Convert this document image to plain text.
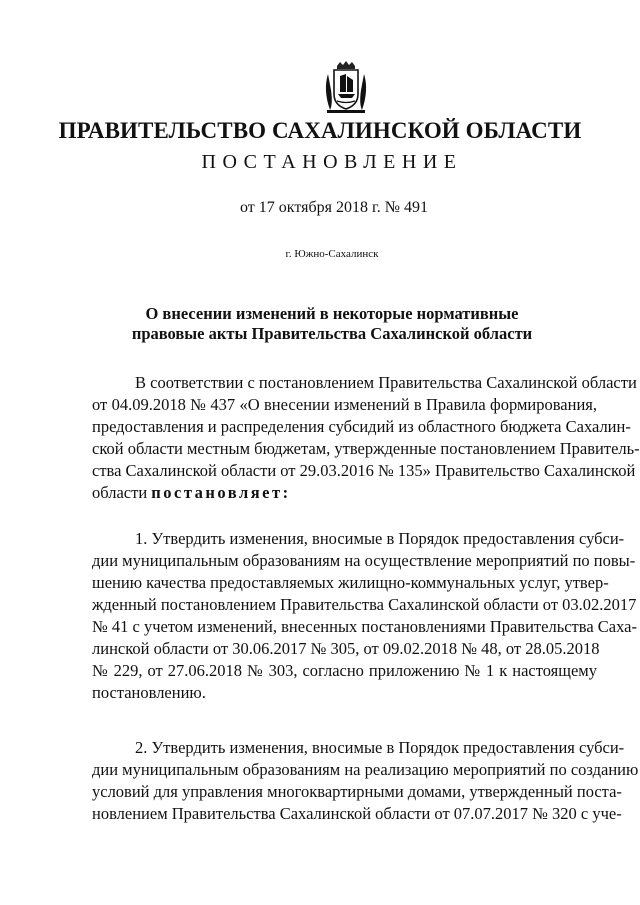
ПРАВИТЕЛЬСТВО САХАЛИНСКОЙ ОБЛАСТИ
ПОСТАНОВЛЕНИЕ
от 17 октября 2018 г. № 491
г. Южно-Сахалинск
О внесении изменений в некоторые нормативные
правовые акты Правительства Сахалинской области
В соответствии с постановлением Правительства Сахалинской области
от 04.09.2018 № 437 «О внесении изменений в Правила формирования,
предоставления и распределения субсидий из областного бюджета Сахалин-
ской области местным бюджетам, утвержденные постановлением Правитель-
ства Сахалинской области от 29.03.2016 № 135» Правительство Сахалинской
области постановляет:
1. Утвердить изменения, вносимые в Порядок предоставления субси-
дии муниципальным образованиям на осуществление мероприятий по повы-
шению качества предоставляемых жилищно-коммунальных услуг, утвер-
жденный постановлением Правительства Сахалинской области от 03.02.2017
№ 41 с учетом изменений, внесенных постановлениями Правительства Саха-
линской области от 30.06.2017 № 305, от 09.02.2018 № 48, от 28.05.2018
№ 229, от 27.06.2018 № 303, согласно приложению № 1 к настоящему
постановлению.
2. Утвердить изменения, вносимые в Порядок предоставления субси-
дии муниципальным образованиям на реализацию мероприятий по созданию
условий для управления многоквартирными домами, утвержденный поста-
новлением Правительства Сахалинской области от 07.07.2017 № 320 с уче-
